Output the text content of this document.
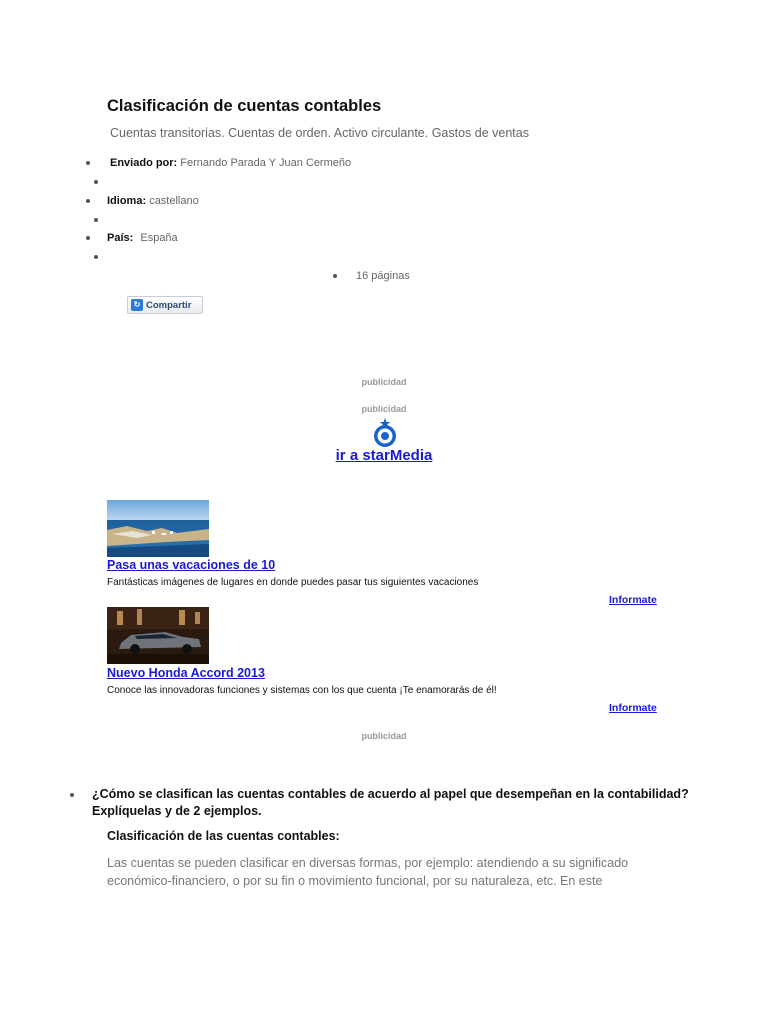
Clasificación de cuentas contables
Cuentas transitorias. Cuentas de orden. Activo circulante. Gastos de ventas
Enviado por: Fernando Parada Y Juan Cermeño
Idioma: castellano
País: España
16 páginas
↻ Compartir
publicidad
publicidad
ir a starMedia
Pasa unas vacaciones de 10
Fantásticas imágenes de lugares en donde puedes pasar tus siguientes vacaciones
Informate
Nuevo Honda Accord 2013
Conoce las innovadoras funciones y sistemas con los que cuenta ¡Te enamorarás de él!
Informate
publicidad
¿Cómo se clasifican las cuentas contables de acuerdo al papel que desempeñan en la contabilidad? Explíquelas y de 2 ejemplos.
Clasificación de las cuentas contables:
Las cuentas se pueden clasificar en diversas formas, por ejemplo: atendiendo a su significado económico-financiero, o por su fin o movimiento funcional, por su naturaleza, etc. En este
